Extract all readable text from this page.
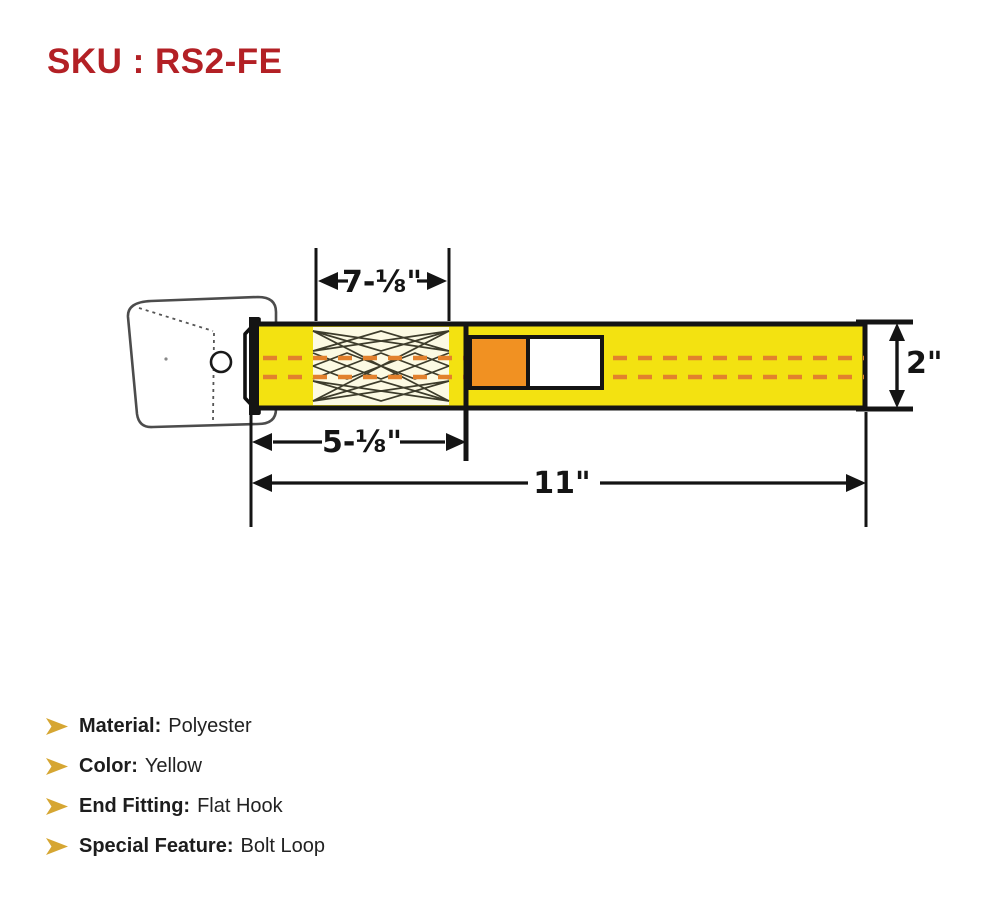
SKU : RS2-FE
7-⅛"
5-⅛"
11"
2"
Material: Polyester
Color: Yellow
End Fitting: Flat Hook
Special Feature: Bolt Loop
